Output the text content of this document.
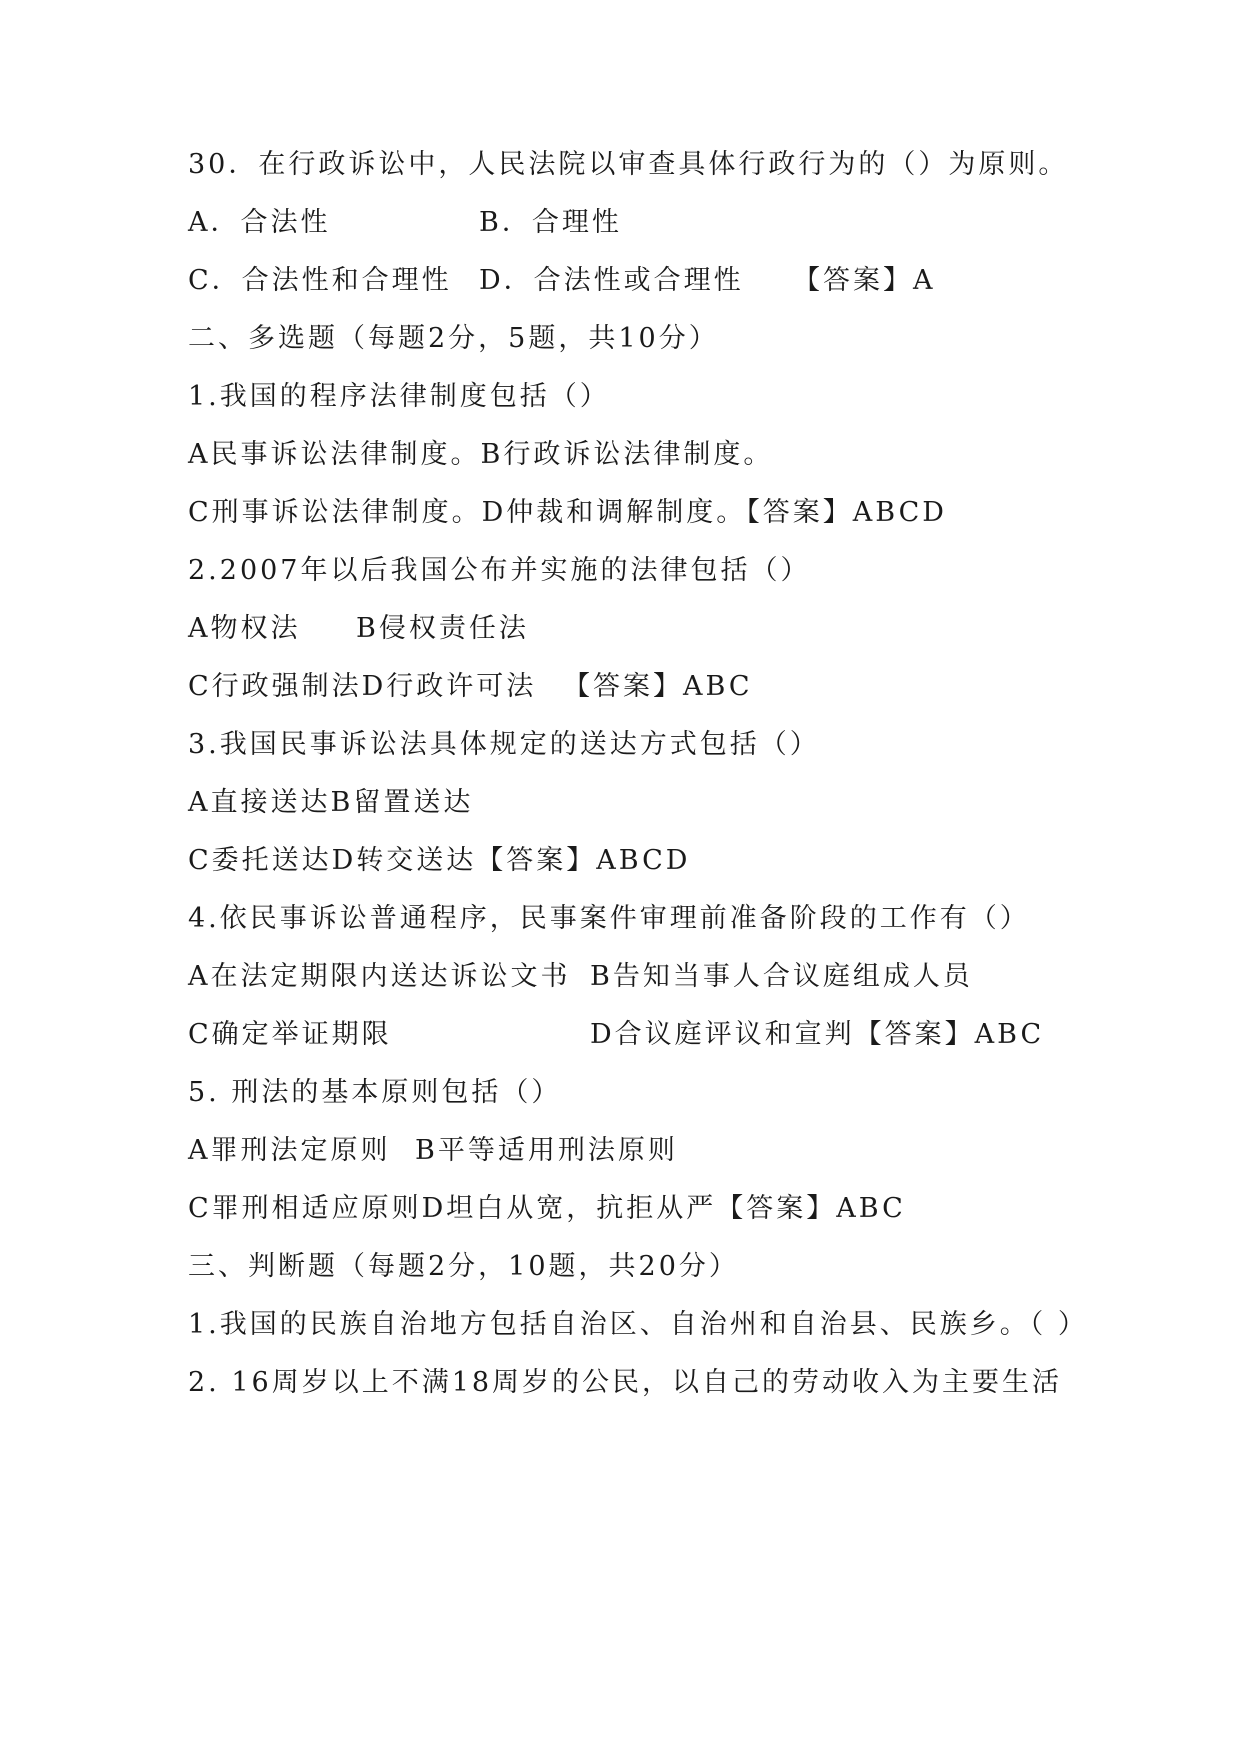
30．在行政诉讼中，人民法院以审查具体行政行为的（）为原则。

A．合法性

	B．合理性

C．合法性和合理性

D．合法性或合理性

【答案】A

二、多选题（每题2分，5题，共10分）
1.我国的程序法律制度包括（）
A民事诉讼法律制度。B行政诉讼法律制度。
C刑事诉讼法律制度。D仲裁和调解制度。【答案】ABCD
2.2007年以后我国公布并实施的法律包括（）

A物权法

B侵权责任法

C行政强制法D行政许可法

【答案】ABC

3.我国民事诉讼法具体规定的送达方式包括（）
A直接送达B留置送达
C委托送达D转交送达【答案】ABCD
4.依民事诉讼普通程序，民事案件审理前准备阶段的工作有（）

A在法定期限内送达诉讼文书

B告知当事人合议庭组成人员

C确定举证期限

	D合议庭评议和宣判【答案】ABC

5. 刑法的基本原则包括（）

A罪刑法定原则

B平等适用刑法原则

C罪刑相适应原则D坦白从宽，抗拒从严【答案】ABC
三、判断题（每题2分，10题，共20分）
1.我国的民族自治地方包括自治区、自治州和自治县、民族乡。（ ）
2. 16周岁以上不满18周岁的公民，以自己的劳动收入为主要生活
